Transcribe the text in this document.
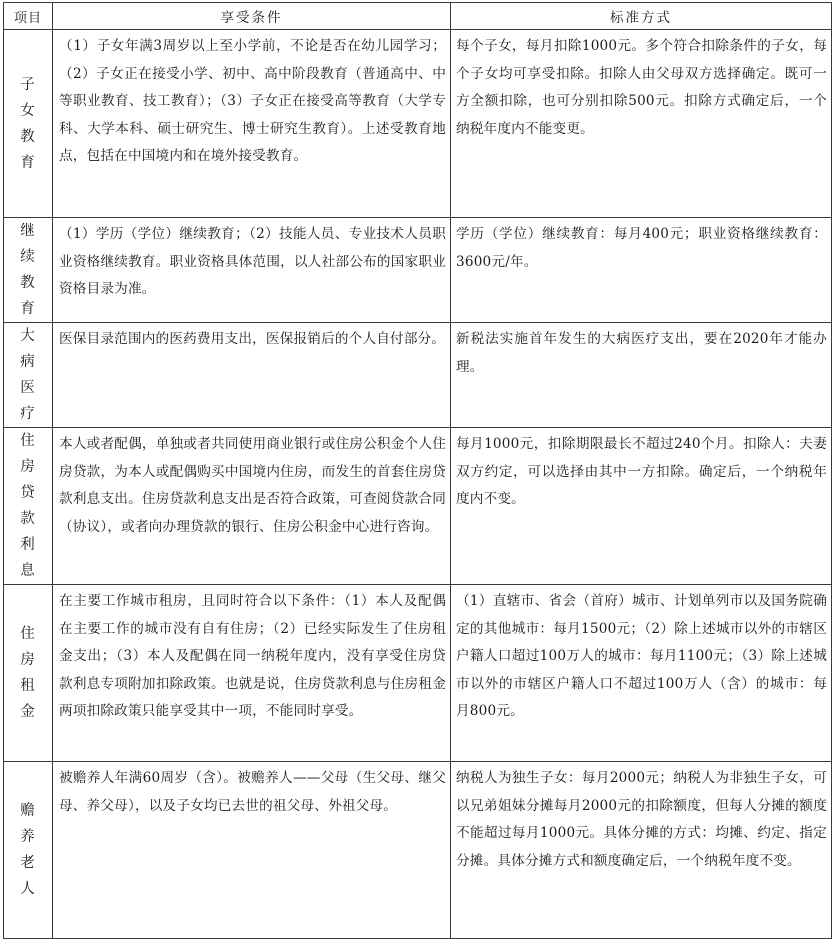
项目	享受条件	标准方式
子女教育	（1）子女年满3周岁以上至小学前，不论是否在幼儿园学习；（2）子女正在接受小学、初中、高中阶段教育（普通高中、中等职业教育、技工教育）；（3）子女正在接受高等教育（大学专科、大学本科、硕士研究生、博士研究生教育）。上述受教育地点，包括在中国境内和在境外接受教育。	每个子女，每月扣除1000元。多个符合扣除条件的子女，每个子女均可享受扣除。扣除人由父母双方选择确定。既可一方全额扣除，也可分别扣除500元。扣除方式确定后，一个纳税年度内不能变更。
继续教育	（1）学历（学位）继续教育；（2）技能人员、专业技术人员职业资格继续教育。职业资格具体范围，以人社部公布的国家职业资格目录为准。	学历（学位）继续教育：每月400元；职业资格继续教育：3600元/年。
大病医疗	医保目录范围内的医药费用支出，医保报销后的个人自付部分。	新税法实施首年发生的大病医疗支出，要在2020年才能办理。
住房贷款利息	本人或者配偶，单独或者共同使用商业银行或住房公积金个人住房贷款，为本人或配偶购买中国境内住房，而发生的首套住房贷款利息支出。住房贷款利息支出是否符合政策，可查阅贷款合同（协议），或者向办理贷款的银行、住房公积金中心进行咨询。	每月1000元，扣除期限最长不超过240个月。扣除人：夫妻双方约定，可以选择由其中一方扣除。确定后，一个纳税年度内不变。
住房租金	在主要工作城市租房，且同时符合以下条件：（1）本人及配偶在主要工作的城市没有自有住房；（2）已经实际发生了住房租金支出；（3）本人及配偶在同一纳税年度内，没有享受住房贷款利息专项附加扣除政策。也就是说，住房贷款利息与住房租金两项扣除政策只能享受其中一项，不能同时享受。	（1）直辖市、省会（首府）城市、计划单列市以及国务院确定的其他城市：每月1500元；（2）除上述城市以外的市辖区户籍人口超过100万人的城市：每月1100元；（3）除上述城市以外的市辖区户籍人口不超过100万人（含）的城市：每月800元。
赡养老人	被赡养人年满60周岁（含）。被赡养人——父母（生父母、继父母、养父母），以及子女均已去世的祖父母、外祖父母。	纳税人为独生子女：每月2000元；纳税人为非独生子女，可以兄弟姐妹分摊每月2000元的扣除额度，但每人分摊的额度不能超过每月1000元。具体分摊的方式：均摊、约定、指定分摊。具体分摊方式和额度确定后，一个纳税年度不变。
